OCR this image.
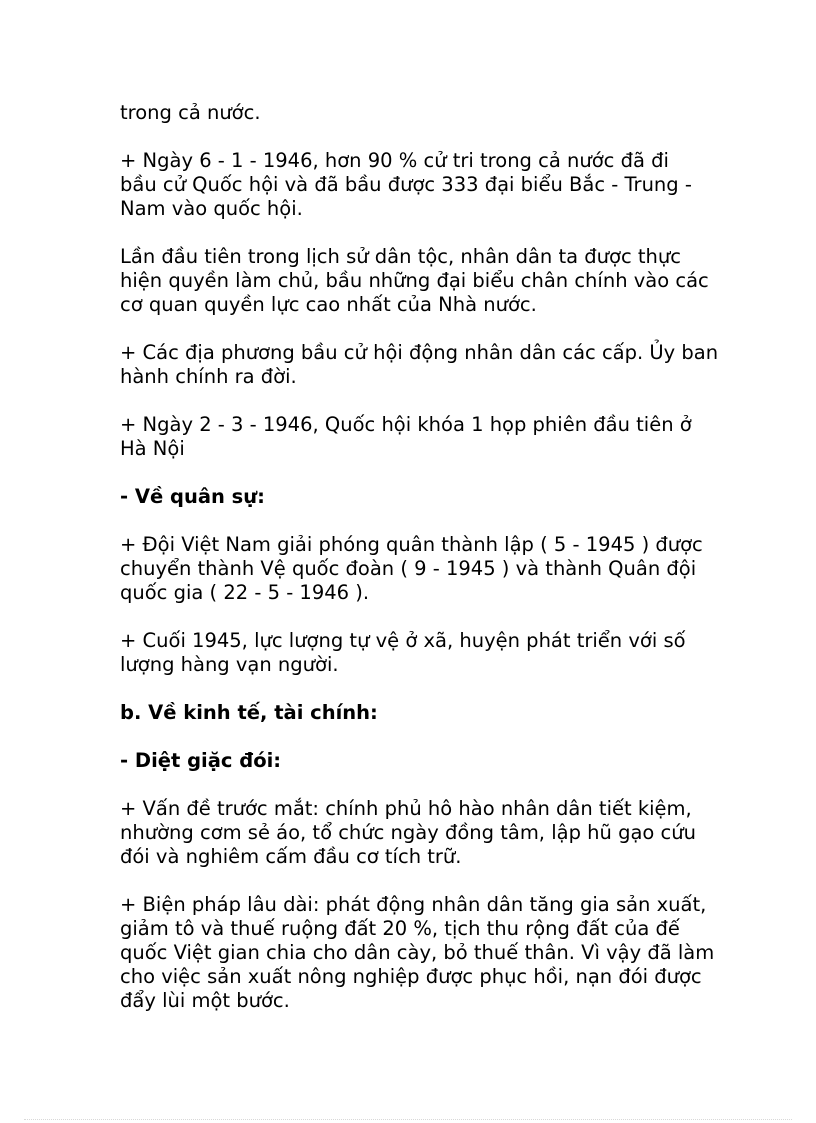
trong cả nước.

+ Ngày 6 - 1 - 1946, hơn 90 % cử tri trong cả nước đã đi
bầu cử Quốc hội và đã bầu được 333 đại biểu Bắc - Trung -
Nam vào quốc hội.

Lần đầu tiên trong lịch sử dân tộc, nhân dân ta được thực
hiện quyền làm chủ, bầu những đại biểu chân chính vào các
cơ quan quyền lực cao nhất của Nhà nước.

+ Các địa phương bầu cử hội động nhân dân các cấp. Ủy ban
hành chính ra đời.

+ Ngày 2 - 3 - 1946, Quốc hội khóa 1 họp phiên đầu tiên ở
Hà Nội

- Về quân sự:

+ Đội Việt Nam giải phóng quân thành lập ( 5 - 1945 ) được
chuyển thành Vệ quốc đoàn ( 9 - 1945 ) và thành Quân đội
quốc gia ( 22 - 5 - 1946 ).

+ Cuối 1945, lực lượng tự vệ ở xã, huyện phát triển với số
lượng hàng vạn người.

b. Về kinh tế, tài chính:

- Diệt giặc đói:

+ Vấn đề trước mắt: chính phủ hô hào nhân dân tiết kiệm,
nhường cơm sẻ áo, tổ chức ngày đồng tâm, lập hũ gạo cứu
đói và nghiêm cấm đầu cơ tích trữ.

+ Biện pháp lâu dài: phát động nhân dân tăng gia sản xuất,
giảm tô và thuế ruộng đất 20 %, tịch thu rộng đất của đế
quốc Việt gian chia cho dân cày, bỏ thuế thân. Vì vậy đã làm
cho việc sản xuất nông nghiệp được phục hồi, nạn đói được
đẩy lùi một bước.
